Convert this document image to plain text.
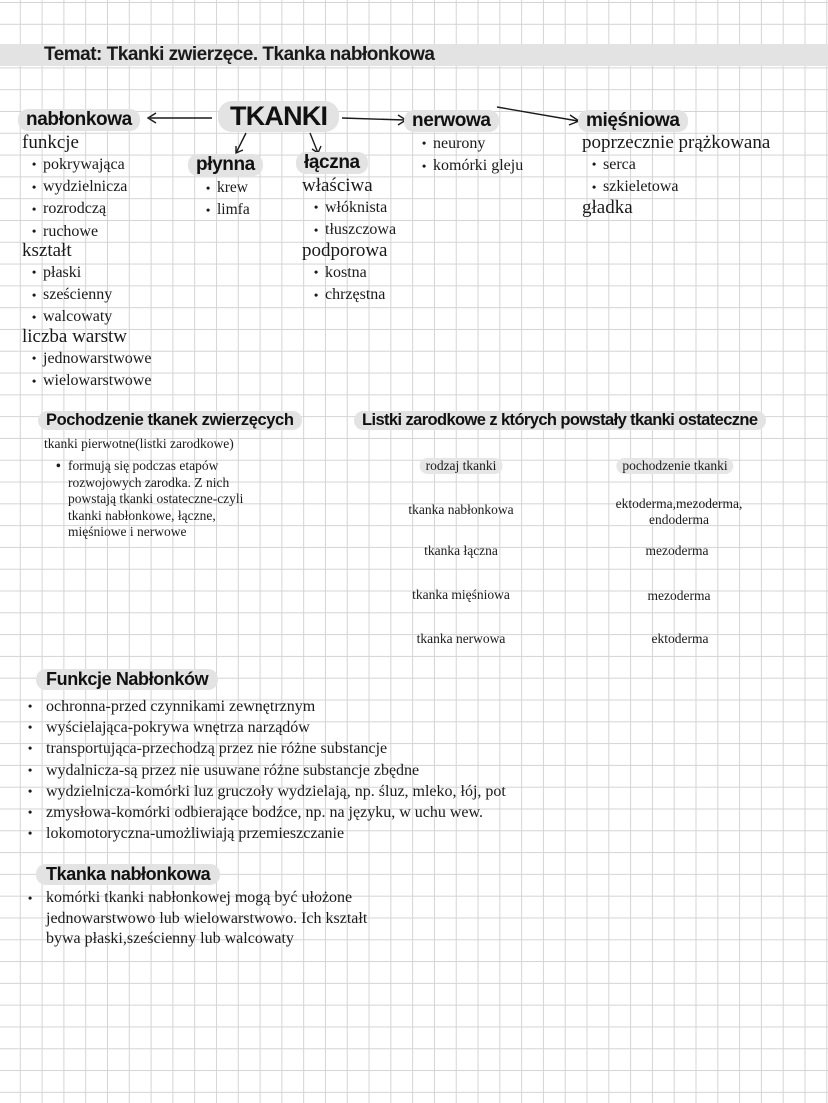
Temat: Tkanki zwierzęce. Tkanka nabłonkowa
TKANKI
nabłonkowa
funkcje
• pokrywająca
• wydzielnicza
• rozrodczą
• ruchowe
kształt
• płaski
• sześcienny
• walcowaty
liczba warstw
• jednowarstwowe
• wielowarstwowe
płynna
• krew
• limfa
łączna
właściwa
• włóknista
• tłuszczowa
podporowa
• kostna
• chrzęstna
nerwowa
• neurony
• komórki gleju
mięśniowa
poprzecznie prążkowana
• serca
• szkieletowa
gładka
Pochodzenie tkanek zwierzęcych
tkanki pierwotne(listki zarodkowe)
• formują się podczas etapów
rozwojowych zarodka. Z nich
powstają tkanki ostateczne-czyli
tkanki nabłonkowe, łączne,
mięśniowe i nerwowe
Listki zarodkowe z których powstały tkanki ostateczne
rodzaj tkanki	pochodzenie tkanki
tkanka nabłonkowa	ektoderma,mezoderma,
endoderma
tkanka łączna	mezoderma
tkanka mięśniowa	mezoderma
tkanka nerwowa	ektoderma
Funkcje Nabłonków
• ochronna-przed czynnikami zewnętrznym
• wyścielająca-pokrywa wnętrza narządów
• transportująca-przechodzą przez nie różne substancje
• wydalnicza-są przez nie usuwane różne substancje zbędne
• wydzielnicza-komórki luz gruczoły wydzielają, np. śluz, mleko, łój, pot
• zmysłowa-komórki odbierające bodźce, np. na języku, w uchu wew.
• lokomotoryczna-umożliwiają przemieszczanie
Tkanka nabłonkowa
• komórki tkanki nabłonkowej mogą być ułożone
jednowarstwowo lub wielowarstwowo. Ich kształt
bywa płaski,sześcienny lub walcowaty
